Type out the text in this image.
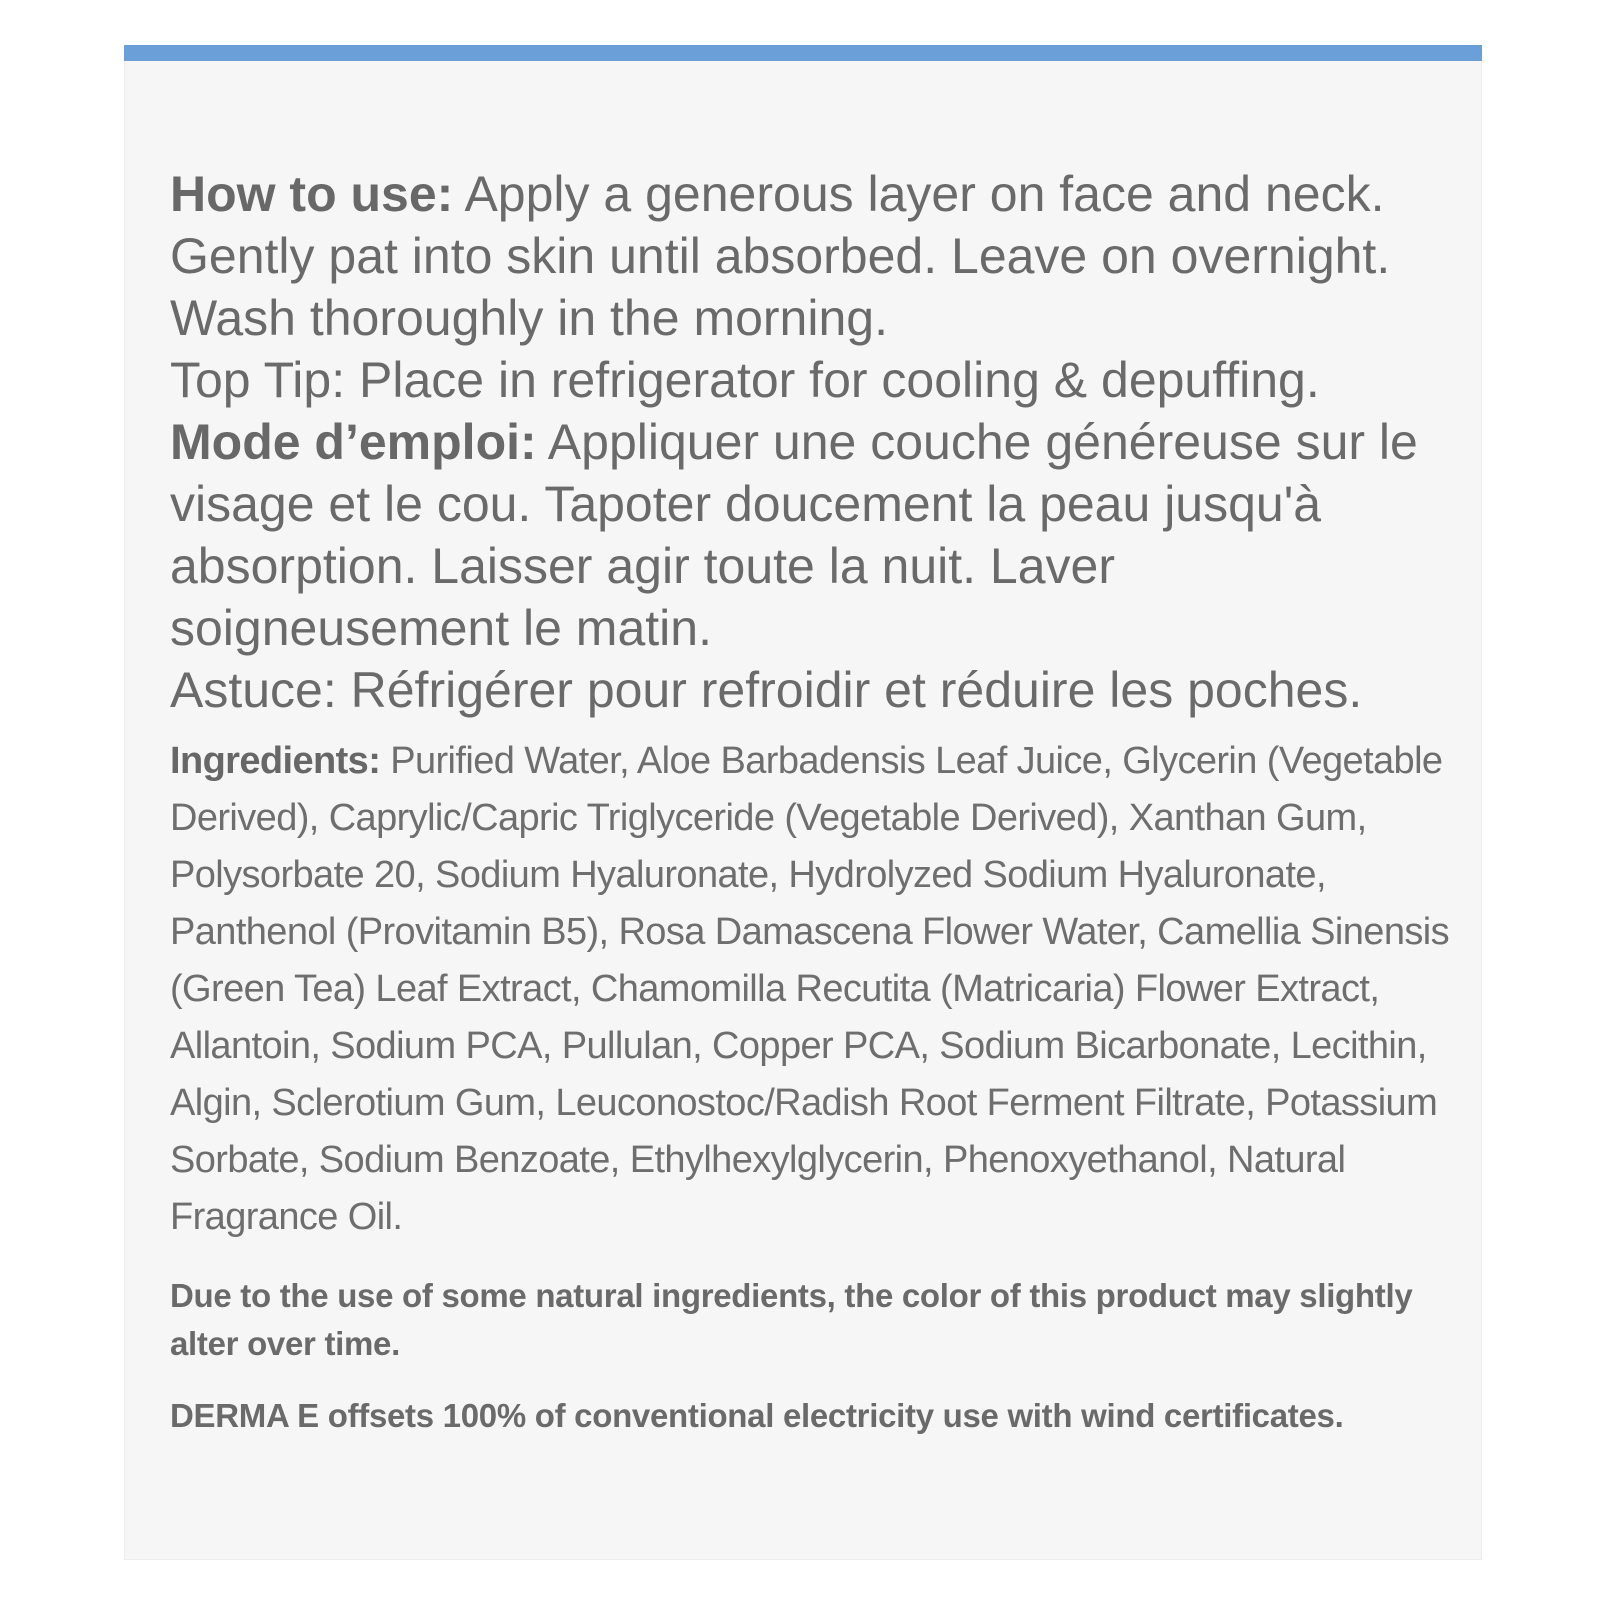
How to use: Apply a generous layer on face and neck. Gently pat into skin until absorbed. Leave on overnight. Wash thoroughly in the morning.

Top Tip: Place in refrigerator for cooling & depuffing.

Mode d’emploi: Appliquer une couche généreuse sur le visage et le cou. Tapoter doucement la peau jusqu'à absorption. Laisser agir toute la nuit. Laver soigneusement le matin.

Astuce: Réfrigérer pour refroidir et réduire les poches.

Ingredients: Purified Water, Aloe Barbadensis Leaf Juice, Glycerin (Vegetable Derived), Caprylic/Capric Triglyceride (Vegetable Derived), Xanthan Gum, Polysorbate 20, Sodium Hyaluronate, Hydrolyzed Sodium Hyaluronate, Panthenol (Provitamin B5), Rosa Damascena Flower Water, Camellia Sinensis (Green Tea) Leaf Extract, Chamomilla Recutita (Matricaria) Flower Extract, Allantoin, Sodium PCA, Pullulan, Copper PCA, Sodium Bicarbonate, Lecithin, Algin, Sclerotium Gum, Leuconostoc/Radish Root Ferment Filtrate, Potassium Sorbate, Sodium Benzoate, Ethylhexylglycerin, Phenoxyethanol, Natural Fragrance Oil.

Due to the use of some natural ingredients, the color of this product may slightly alter over time.

DERMA E offsets 100% of conventional electricity use with wind certificates.
